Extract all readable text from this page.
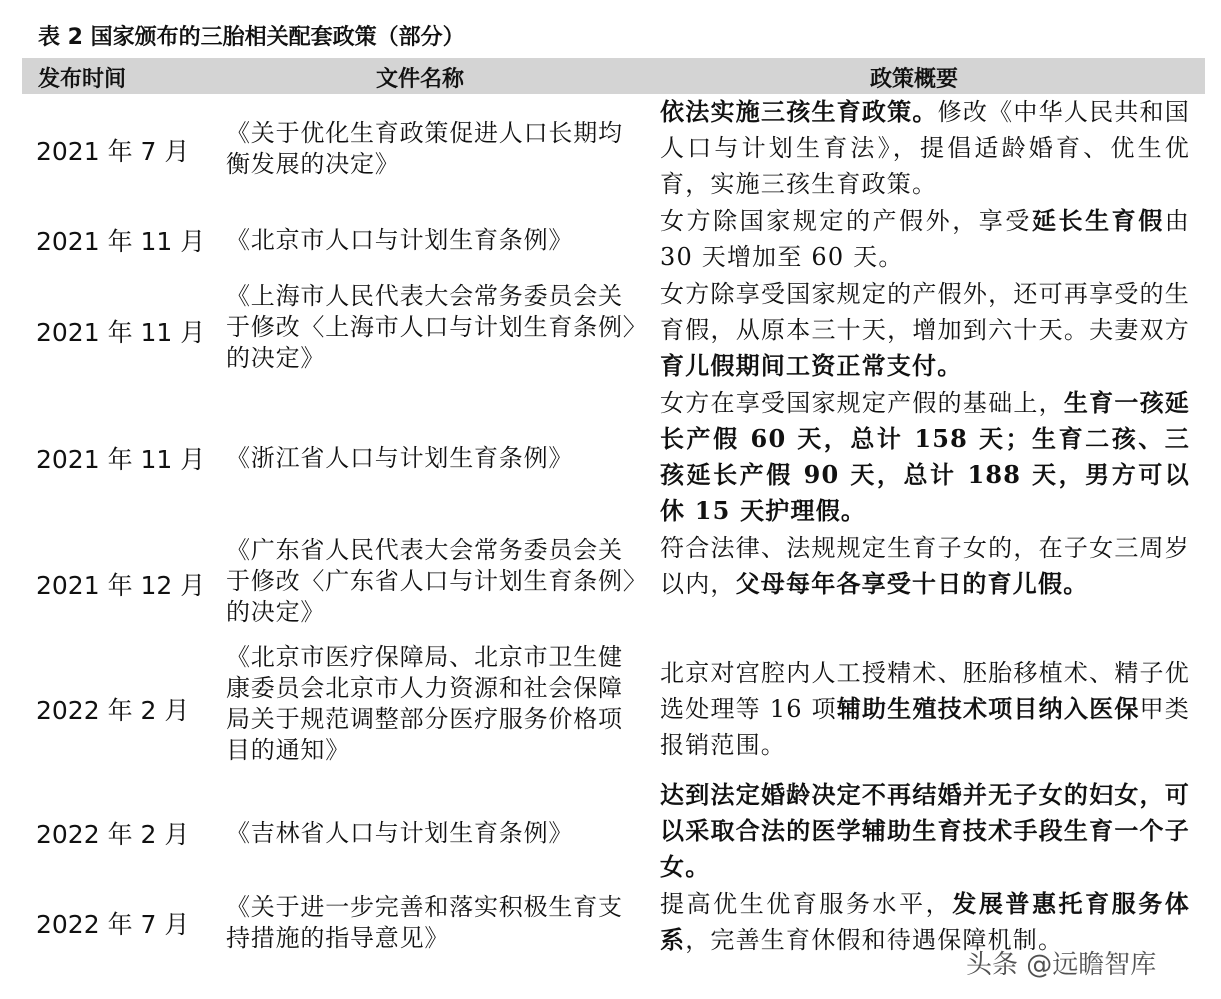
表 2 国家颁布的三胎相关配套政策（部分）
发布时间	文件名称	政策概要
2021 年 7 月
《关于优化生育政策促进人口长期均衡发展的决定》
依法实施三孩生育政策。修改《中华人民共和国人口与计划生育法》，提倡适龄婚育、优生优育，实施三孩生育政策。
2021 年 11 月 《北京市人口与计划生育条例》
女方除国家规定的产假外，享受延长生育假由 30 天增加至 60 天。
2021 年 11 月
《上海市人民代表大会常务委员会关于修改〈上海市人口与计划生育条例〉的决定》
女方除享受国家规定的产假外，还可再享受的生育假，从原本三十天，增加到六十天。夫妻双方育儿假期间工资正常支付。
2021 年 11 月 《浙江省人口与计划生育条例》
女方在享受国家规定产假的基础上，生育一孩延长产假 60 天，总计 158 天；生育二孩、三孩延长产假 90 天，总计 188 天，男方可以休 15 天护理假。
2021 年 12 月
《广东省人民代表大会常务委员会关于修改〈广东省人口与计划生育条例〉的决定》
符合法律、法规规定生育子女的，在子女三周岁以内，父母每年各享受十日的育儿假。
2022 年 2 月
《北京市医疗保障局、北京市卫生健康委员会北京市人力资源和社会保障局关于规范调整部分医疗服务价格项目的通知》
北京对宫腔内人工授精术、胚胎移植术、精子优选处理等 16 项辅助生殖技术项目纳入医保甲类报销范围。
2022 年 2 月 《吉林省人口与计划生育条例》
达到法定婚龄决定不再结婚并无子女的妇女，可以采取合法的医学辅助生育技术手段生育一个子女。
2022 年 7 月
《关于进一步完善和落实积极生育支持措施的指导意见》
提高优生优育服务水平，发展普惠托育服务体系，完善生育休假和待遇保障机制。
头条 @远瞻智库
